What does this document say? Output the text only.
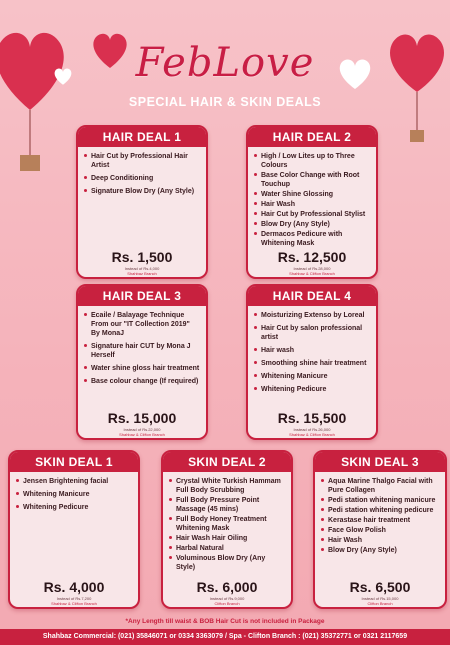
FebLove
SPECIAL HAIR & SKIN DEALS
HAIR DEAL 1
Hair Cut by Professional Hair Artist
Deep Conditioning
Signature Blow Dry (Any Style)
Rs. 1,500
Instead of Rs.4,000
Shahbaz Branch
HAIR DEAL 2
High / Low Lites up to Three Colours
Base Color Change with Root Touchup
Water Shine Glossing
Hair Wash
Hair Cut by Professional Stylist
Blow Dry (Any Style)
Dermacos Pedicure with Whitening Mask
Rs. 12,500
Instead of Rs.28,000
Shahbaz & Clifton Branch
HAIR DEAL 3
Ecaile / Balayage Technique From our "IT Collection 2019" By MonaJ
Signature hair CUT by Mona J Herself
Water shine gloss hair treatment
Base colour change (If required)
Rs. 15,000
Instead of Rs.22,000
Shahbaz & Clifton Branch
HAIR DEAL 4
Moisturizing Extenso by Loreal
Hair Cut by salon professional artist
Hair wash
Smoothing shine hair treatment
Whitening Manicure
Whitening Pedicure
Rs. 15,500
Instead of Rs.26,000
Shahbaz & Clifton Branch
SKIN DEAL 1
Jensen Brightening facial
Whitening Manicure
Whitening Pedicure
Rs. 4,000
Instead of Rs.7,200
Shahbaz & Clifton Branch
SKIN DEAL 2
Crystal White Turkish Hammam Full Body Scrubbing
Full Body Pressure Point Massage (45 mins)
Full Body Honey Treatment Whitening Mask
Hair Wash Hair Oiling
Harbal Natural
Voluminous Blow Dry (Any Style)
Rs. 6,000
Instead of Rs.9,000
Clifton Branch
SKIN DEAL 3
Aqua Marine Thalgo Facial with Pure Collagen
Pedi station whitening manicure
Pedi station whitening pedicure
Kerastase hair treatment
Face Glow Polish
Hair Wash
Blow Dry (Any Style)
Rs. 6,500
Instead of Rs.15,000
Clifton Branch
*Any Length till waist & BOB Hair Cut is not included in Package
Shahbaz Commercial: (021) 35846071 or 0334 3363079 / Spa - Clifton Branch : (021) 35372771 or 0321 2117659
